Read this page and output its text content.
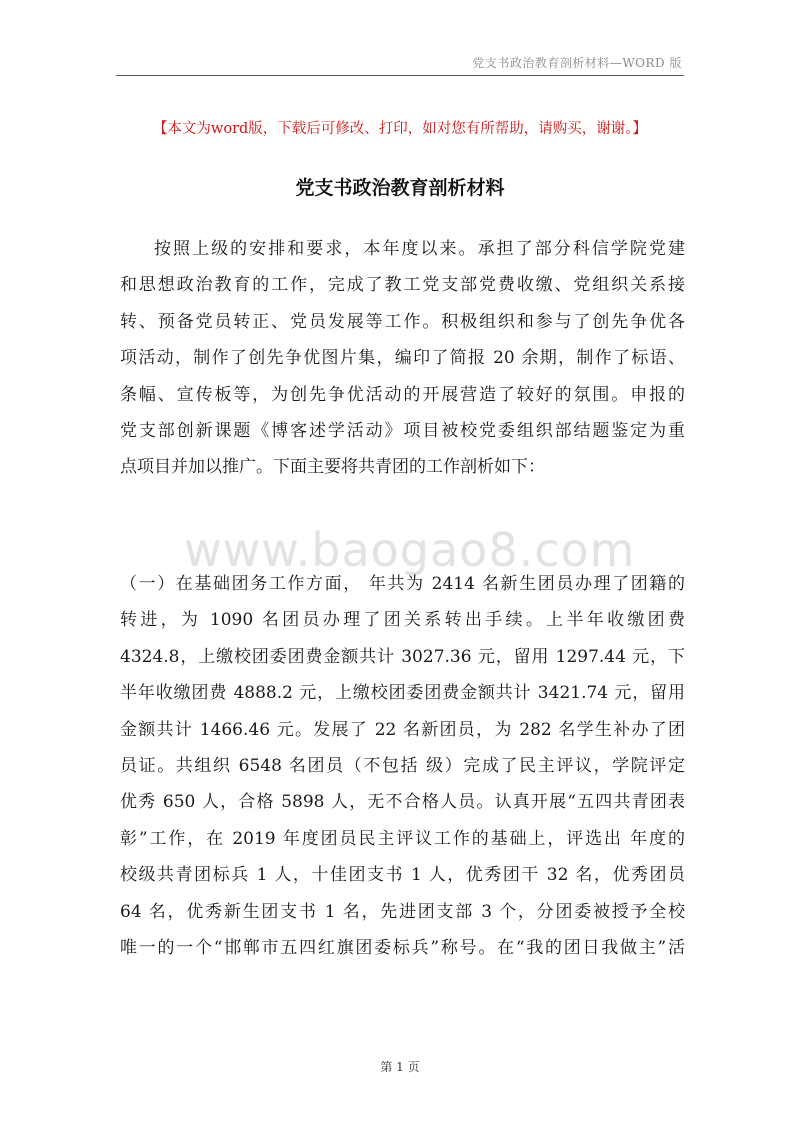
党支书政治教育剖析材料—WORD 版
【本文为word版，下载后可修改、打印，如对您有所帮助，请购买，谢谢。】
党支书政治教育剖析材料
按照上级的安排和要求，本年度以来。承担了部分科信学院党建
和思想政治教育的工作，完成了教工党支部党费收缴、党组织关系接
转、预备党员转正、党员发展等工作。积极组织和参与了创先争优各
项活动，制作了创先争优图片集，编印了简报 20 余期，制作了标语、
条幅、宣传板等，为创先争优活动的开展营造了较好的氛围。申报的
党支部创新课题《博客述学活动》项目被校党委组织部结题鉴定为重
点项目并加以推广。下面主要将共青团的工作剖析如下：
www.baogao8.com
（一）在基础团务工作方面， 年共为 2414 名新生团员办理了团籍的
转进，为 1090 名团员办理了团关系转出手续。上半年收缴团费
4324.8，上缴校团委团费金额共计 3027.36 元，留用 1297.44 元，下
半年收缴团费 4888.2 元，上缴校团委团费金额共计 3421.74 元，留用
金额共计 1466.46 元。发展了 22 名新团员，为 282 名学生补办了团
员证。共组织 6548 名团员（不包括 级）完成了民主评议，学院评定
优秀 650 人，合格 5898 人，无不合格人员。认真开展“五四共青团表
彰”工作，在 2019 年度团员民主评议工作的基础上，评选出 年度的
校级共青团标兵 1 人，十佳团支书 1 人，优秀团干 32 名，优秀团员
64 名，优秀新生团支书 1 名，先进团支部 3 个，分团委被授予全校
唯一的一个“邯郸市五四红旗团委标兵”称号。在“我的团日我做主”活
第 1 页
